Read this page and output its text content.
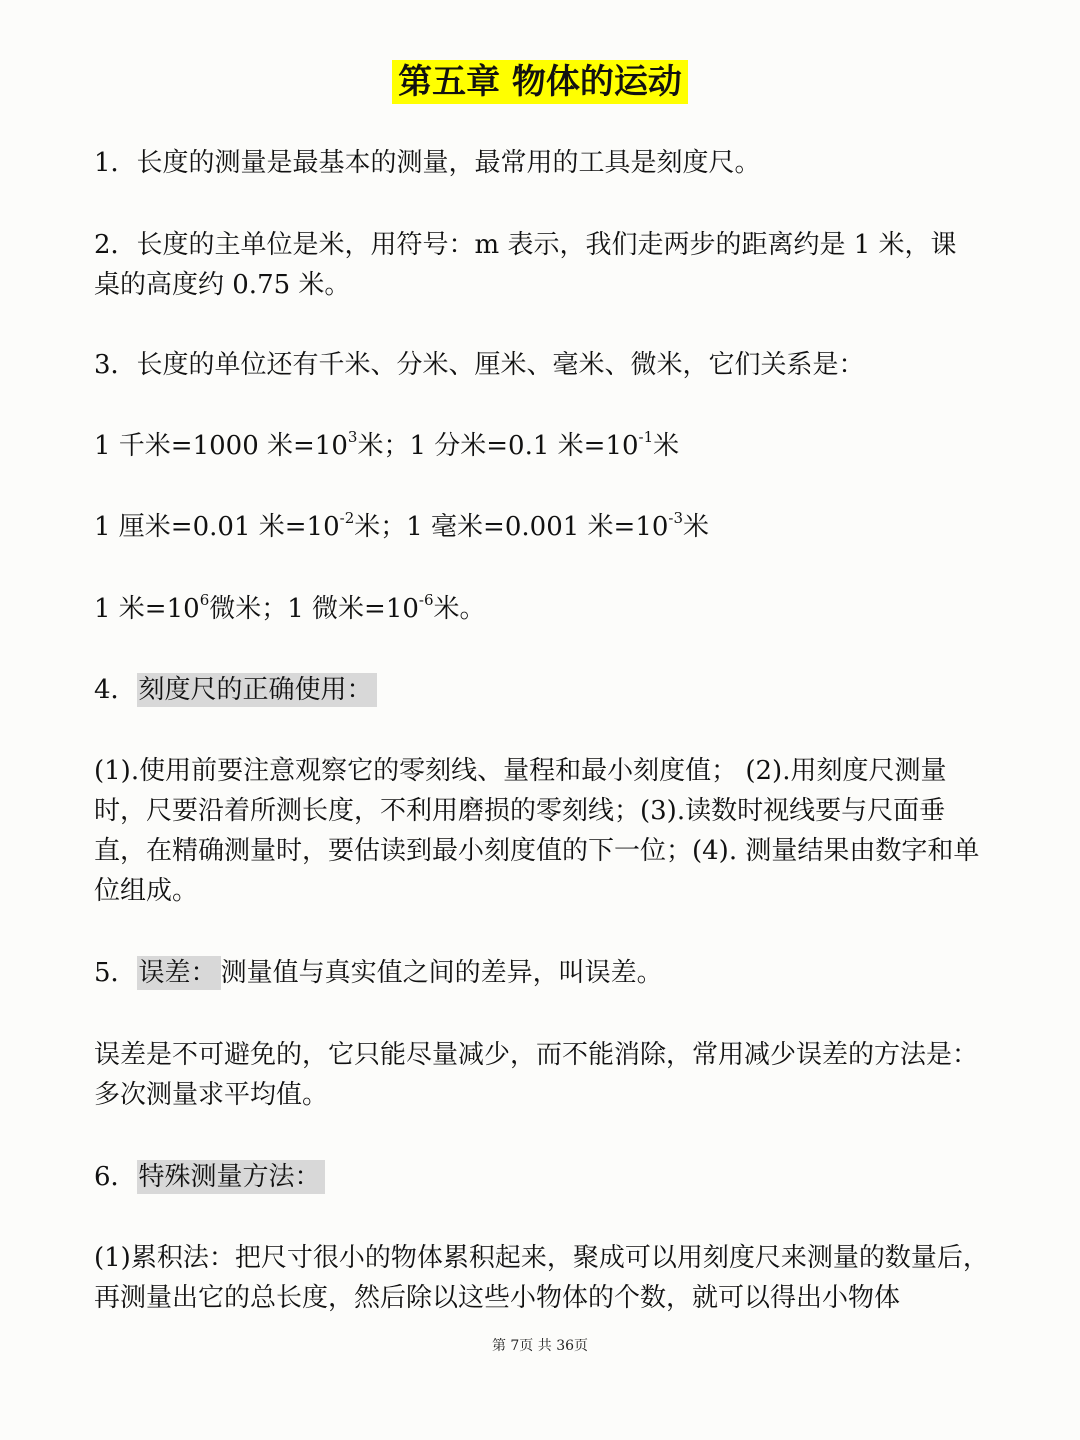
第五章 物体的运动
1．长度的测量是最基本的测量，最常用的工具是刻度尺。
2．长度的主单位是米，用符号：m 表示，我们走两步的距离约是 1 米，课
桌的高度约 0.75 米。
3．长度的单位还有千米、分米、厘米、毫米、微米，它们关系是：
1 千米=1000 米$=10^3$米；1 分米=0.1 米$=10^{-1}$米
1 厘米=0.01 米$=10^{-2}$米；1 毫米=0.001 米$=10^{-3}$米
1 米$=10^6$微米；1 微米$=10^{-6}$米。
4．刻度尺的正确使用：
(1).使用前要注意观察它的零刻线、量程和最小刻度值； (2).用刻度尺测量时，尺要沿着所测长度，不利用磨损的零刻线；(3).读数时视线要与尺面垂直，在精确测量时，要估读到最小刻度值的下一位；(4). 测量结果由数字和单位组成。
5．误差： 测量值与真实值之间的差异，叫误差。
误差是不可避免的，它只能尽量减少，而不能消除，常用减少误差的方法是：多次测量求平均值。
6．特殊测量方法：
(1)累积法：把尺寸很小的物体累积起来，聚成可以用刻度尺来测量的数量后，再测量出它的总长度，然后除以这些小物体的个数，就可以得出小物体
第 7页 共 36页
